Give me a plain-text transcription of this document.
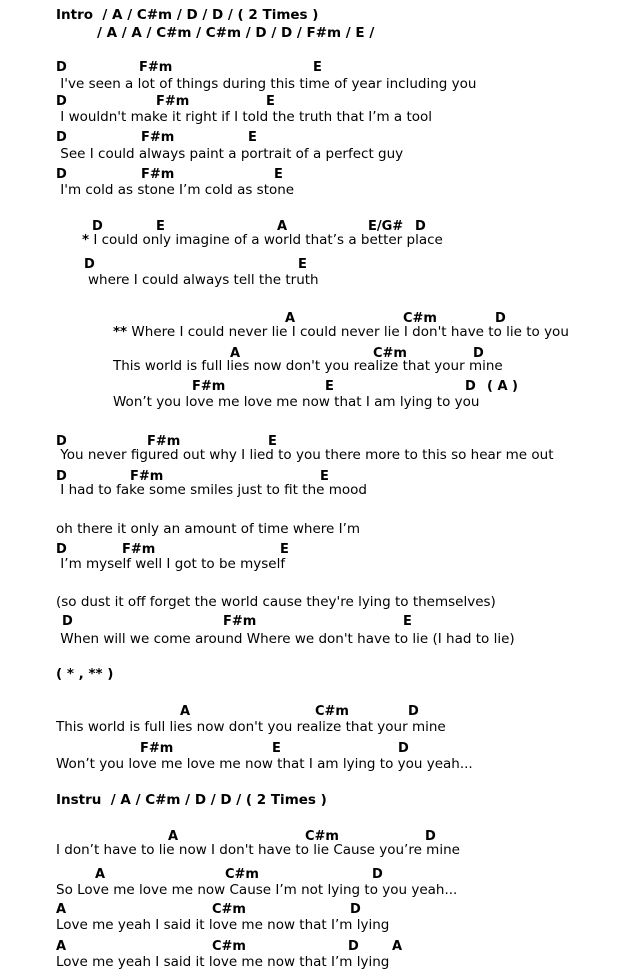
Intro  / A / C#m / D / D / ( 2 Times )
/ A / A / C#m / C#m / D / D / F#m / E /
D	F#m	E
I've seen a lot of things during this time of year including you
D	F#m	E
I wouldn't make it right if I told the truth that I’m a tool
D	F#m	E
See I could always paint a portrait of a perfect guy
D	F#m	E
I'm cold as stone I’m cold as stone
D	E	A	E/G# D
* I could only imagine of a world that’s a better place
D	E
where I could always tell the truth
A	C#m	D
** Where I could never lie I could never lie I don't have to lie to you
A	C#m	D
This world is full lies now don't you realize that your mine
F#m	E	D ( A )
Won’t you love me love me now that I am lying to you
D	F#m	E
You never figured out why I lied to you there more to this so hear me out
D	F#m	E
I had to fake some smiles just to fit the mood
oh there it only an amount of time where I’m
D	F#m	E
I’m myself well I got to be myself
(so dust it off forget the world cause they're lying to themselves)
D	F#m	E
When will we come around Where we don't have to lie (I had to lie)
( * , ** )
A	C#m	D
This world is full lies now don't you realize that your mine
F#m	E	D
Won’t you love me love me now that I am lying to you yeah...
Instru  / A / C#m / D / D / ( 2 Times )
A	C#m	D
I don’t have to lie now I don't have to lie Cause you’re mine
A	C#m	D
So Love me love me now Cause I’m not lying to you yeah...
A	C#m	D
Love me yeah I said it love me now that I’m lying
A	C#m	D	A
Love me yeah I said it love me now that I’m lying
